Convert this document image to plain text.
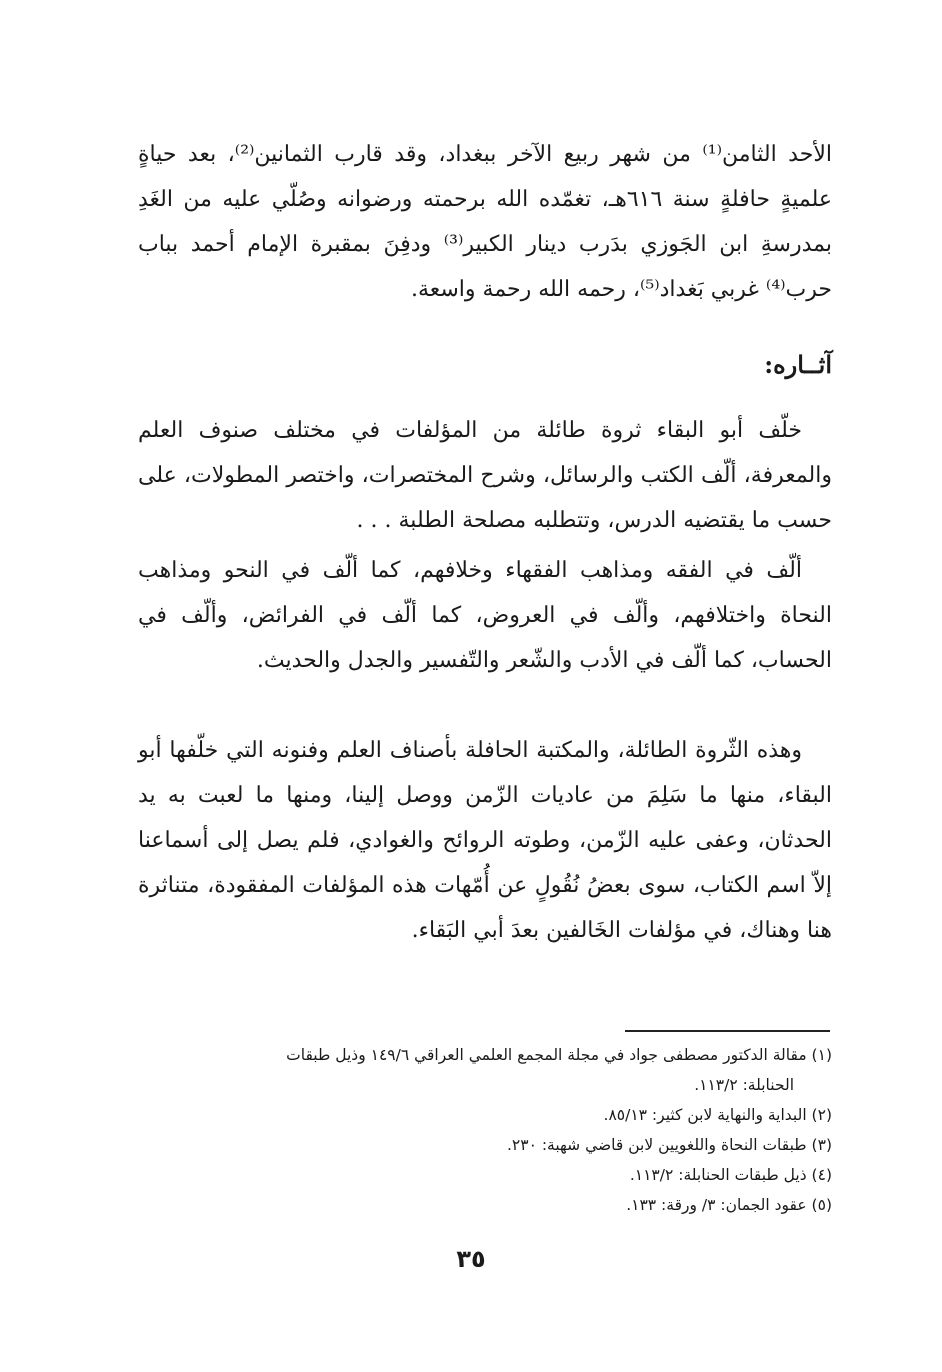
الأحد الثامن⁽¹⁾ من شهر ربيع الآخر ببغداد، وقد قارب الثمانين⁽²⁾، بعد حياةٍ علميةٍ حافلةٍ سنة ٦١٦هـ، تغمّده الله برحمته ورضوانه وصُلّي عليه من الغَدِ بمدرسةِ ابن الجَوزي بدَرب دينار الكبير⁽³⁾ ودفِنَ بمقبرة الإمام أحمد بباب حرب⁽⁴⁾ غربي بَغداد⁽⁵⁾، رحمه الله رحمة واسعة.

آثــاره:

خلّف أبو البقاء ثروة طائلة من المؤلفات في مختلف صنوف العلم والمعرفة، ألّف الكتب والرسائل، وشرح المختصرات، واختصر المطولات، على حسب ما يقتضيه الدرس، وتتطلبه مصلحة الطلبة . . .

ألّف في الفقه ومذاهب الفقهاء وخلافهم، كما ألّف في النحو ومذاهب النحاة واختلافهم، وألّف في العروض، كما ألّف في الفرائض، وألّف في الحساب، كما ألّف في الأدب والشّعر والتّفسير والجدل والحديث.

وهذه الثّروة الطائلة، والمكتبة الحافلة بأصناف العلم وفنونه التي خلّفها أبو البقاء، منها ما سَلِمَ من عاديات الزّمن ووصل إلينا، ومنها ما لعبت به يد الحدثان، وعفى عليه الزّمن، وطوته الروائح والغوادي، فلم يصل إلى أسماعنا إلاّ اسم الكتاب، سوى بعضُ نُقُولٍ عن أُمّهات هذه المؤلفات المفقودة، متناثرة هنا وهناك، في مؤلفات الخَالفين بعدَ أبي البَقاء.

(١) مقالة الدكتور مصطفى جواد في مجلة المجمع العلمي العراقي ١٤٩/٦ وذيل طبقات

الحنابلة: ١١٣/٢.

(٢) البداية والنهاية لابن كثير: ٨٥/١٣.

(٣) طبقات النحاة واللغويين لابن قاضي شهبة: ٢٣٠.

(٤) ذيل طبقات الحنابلة: ١١٣/٢.

(٥) عقود الجمان: ٣/ ورقة: ١٣٣.

٣٥
